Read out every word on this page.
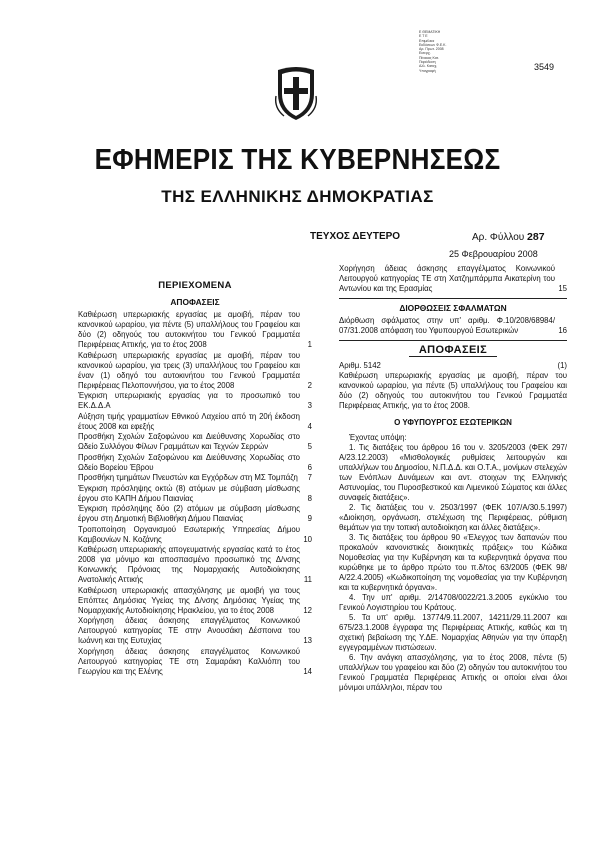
Ε ΘΕΜΑΤΙΚΗ
Ε Τ Ε
Επιμέλεια
Εκδόσεων Φ.Ε.Κ.
Αρ. Πρωτ. 2008
Εισερχ.
Πίνακας Κατ.
Παράδοση
Αλλ. Καταχ.
Υπογραφή	3549
ΕΦΗΜΕΡΙΣ ΤΗΣ ΚΥΒΕΡΝΗΣΕΩΣ
ΤΗΣ ΕΛΛΗΝΙΚΗΣ ΔΗΜΟΚΡΑΤΙΑΣ
ΤΕΥΧΟΣ ΔΕΥΤΕΡΟ	Αρ. Φύλλου 287
25 Φεβρουαρίου 2008
ΠΕΡΙΕΧΟΜΕΝΑ
ΑΠΟΦΑΣΕΙΣ
Καθιέρωση υπερωριακής εργασίας με αμοιβή, πέραν του κανονικού ωραρίου, για πέντε (5) υπαλλήλους του Γραφείου και δύο (2) οδηγούς του αυτοκινήτου του Γενικού Γραμματέα Περιφέρειας Αττικής, για το έτος 2008	1
Καθιέρωση υπερωριακής εργασίας με αμοιβή, πέραν του κανονικού ωραρίου, για τρεις (3) υπαλλήλους του Γραφείου και έναν (1) οδηγό του αυτοκινήτου του Γενικού Γραμματέα Περιφέρειας Πελοποννήσου, για το έτος 2008	2
Έγκριση υπερωριακής εργασίας για το προσωπικό του ΕΚ.Δ.Δ.Α	3
Αύξηση τιμής γραμματίων Εθνικού Λαχείου από τη 20ή έκδοση έτους 2008 και εφεξής	4
Προσθήκη Σχολών Σαξοφώνου και Διεύθυνσης Χορωδίας στο Ωδείο Συλλόγου Φίλων Γραμμάτων και Τεχνών Σερρών	5
Προσθήκη Σχολών Σαξοφώνου και Διεύθυνσης Χορωδίας στο Ωδείο Βορείου Έβρου	6
Προσθήκη τμημάτων Πνευστών και Εγχόρδων στη ΜΣ Τομπάζη 7
Έγκριση πρόσληψης οκτώ (8) ατόμων με σύμβαση μίσθωσης έργου στο ΚΑΠΗ Δήμου Παιανίας	8
Έγκριση πρόσληψης δύο (2) ατόμων με σύμβαση μίσθωσης έργου στη Δημοτική Βιβλιοθήκη Δήμου Παιανίας	9
Τροποποίηση Οργανισμού Εσωτερικής Υπηρεσίας Δήμου Καμβουνίων Ν. Κοζάνης	10
Καθιέρωση υπερωριακής απογευματινής εργασίας κατά το έτος 2008 για μόνιμο και αποσπασμένο προσωπικό της Δ/νσης Κοινωνικής Πρόνοιας της Νομαρχιακής Αυτοδιοίκησης Ανατολικής Αττικής	11
Καθιέρωση υπερωριακής απασχόλησης με αμοιβή για τους Επόπτες Δημόσιας Υγείας της Δ/νσης Δημόσιας Υγείας της Νομαρχιακής Αυτοδιοίκησης Ηρακλείου, για το έτος 2008	12
Χορήγηση άδειας άσκησης επαγγέλματος Κοινωνικού Λειτουργού κατηγορίας ΤΕ στην Ανουσάκη Δέσποινα του Ιωάννη και της Ευτυχίας	13
Χορήγηση άδειας άσκησης επαγγέλματος Κοινωνικού Λειτουργού κατηγορίας ΤΕ στη Σαμαράκη Καλλιόπη του Γεωργίου και της Ελένης	14
Χορήγηση άδειας άσκησης επαγγέλματος Κοινωνικού Λειτουργού κατηγορίας ΤΕ στη Χατζημπάρμπα Αικατερίνη του Αντωνίου και της Ερασμίας	15
ΔΙΟΡΘΩΣΕΙΣ ΣΦΑΛΜΑΤΩΝ
Διόρθωση σφάλματος στην υπ' αριθμ. Φ.10/208/68984/ 07/31.2008 απόφαση του Υφυπουργού Εσωτερικών	16
ΑΠΟΦΑΣΕΙΣ
Αριθμ. 5142	(1)
Καθιέρωση υπερωριακής εργασίας με αμοιβή, πέραν του κανονικού ωραρίου, για πέντε (5) υπαλλήλους του Γραφείου και δύο (2) οδηγούς του αυτοκινήτου του Γενικού Γραμματέα Περιφέρειας Αττικής, για το έτος 2008.
Ο ΥΦΥΠΟΥΡΓΟΣ ΕΣΩΤΕΡΙΚΩΝ
Έχοντας υπόψη:
1. Τις διατάξεις του άρθρου 16 του ν. 3205/2003 (ΦΕΚ 297/Α/23.12.2003) «Μισθολογικές ρυθμίσεις λειτουργών και υπαλλήλων του Δημοσίου, Ν.Π.Δ.Δ. και Ο.Τ.Α., μονίμων στελεχών των Ενόπλων Δυνάμεων και αντ. στοιχων της Ελληνικής Αστυνομίας, του Πυροσβεστικού και Λιμενικού Σώματος και άλλες συναφείς διατάξεις».
2. Τις διατάξεις του ν. 2503/1997 (ΦΕΚ 107/Α/30.5.1997) «Διοίκηση, οργάνωση, στελέχωση της Περιφέρειας, ρύθμιση θεμάτων για την τοπική αυτοδιοίκηση και άλλες διατάξεις».
3. Τις διατάξεις του άρθρου 90 «Έλεγχος των δαπανών που προκαλούν κανονιστικές διοικητικές πράξεις» του Κώδικα Νομοθεσίας για την Κυβέρνηση και τα κυβερνητικά όργανα που κυρώθηκε με το άρθρο πρώτο του π.δ/τος 63/2005 (ΦΕΚ 98/Α/22.4.2005) «Κωδικοποίηση της νομοθεσίας για την Κυβέρνηση και τα κυβερνητικά όργανα».
4. Την υπ' αριθμ. 2/14708/0022/21.3.2005 εγκύκλιο του Γενικού Λογιστηρίου του Κράτους.
5. Τα υπ' αριθμ. 13774/9.11.2007, 14211/29.11.2007 και 675/23.1.2008 έγγραφα της Περιφέρειας Αττικής, καθώς και τη σχετική βεβαίωση της Υ.ΔΕ. Νομαρχίας Αθηνών για την ύπαρξη εγγεγραμμένων πιστώσεων.
6. Την ανάγκη απασχόλησης, για το έτος 2008, πέντε (5) υπαλλήλων του γραφείου και δύο (2) οδηγών του αυτοκινήτου του Γενικού Γραμματέα Περιφέρειας Αττικής οι οποίοι είναι όλοι μόνιμοι υπάλληλοι, πέραν του
